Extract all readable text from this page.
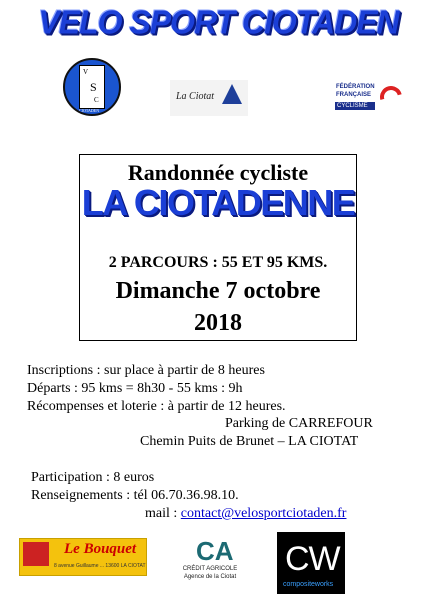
VELO SPORT CIOTADEN
V
S
C
CIOTADEN
La Ciotat
FÉDÉRATION
FRANÇAISE
CYCLISME
Randonnée cycliste
LA CIOTADENNE
2 PARCOURS : 55 ET 95 KMS.
Dimanche 7 octobre
2018
Inscriptions : sur place à partir de 8 heures
Départs : 95 kms = 8h30 - 55 kms : 9h
Récompenses et loterie : à partir de 12 heures.
Parking de CARREFOUR
Chemin Puits de Brunet – LA CIOTAT
Participation : 8 euros
Renseignements : tél 06.70.36.98.10.
mail : contact@velosportciotaden.fr
Le Bouquet
8 avenue Guillaume ... 13600 LA CIOTAT CA
CRÉDIT AGRICOLE
Agence de la Ciotat CW
compositeworks
